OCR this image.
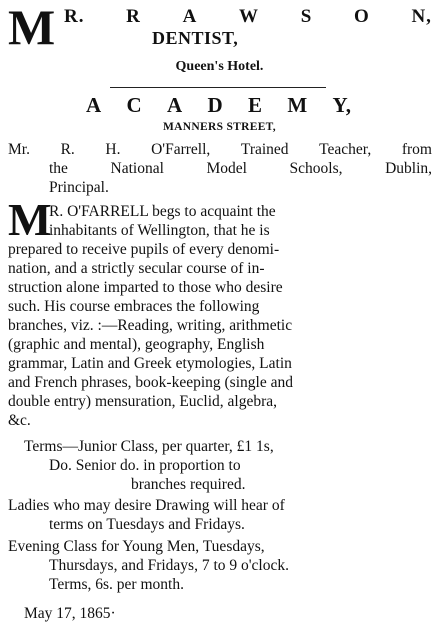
M R. R A W S O N,
DENTIST,
Queen's Hotel.
A C A D E M Y,
MANNERS STREET,
Mr. R. H. O'Farrell, Trained Teacher, from
the	National	Model	Schools,	Dublin,
Principal.
M
R. O'FARRELL begs to acquaint the
inhabitants of Wellington, that he is
prepared to receive pupils of every denomi-
nation, and a strictly secular course of in-
struction alone imparted to those who desire
such. His course embraces the following
branches, viz. :—Reading, writing, arithmetic
(graphic and mental), geography, English
grammar, Latin and Greek etymologies, Latin
and French phrases, book-keeping (single and
double entry) mensuration, Euclid, algebra,
&c.
Terms—Junior Class, per quarter, £1 1s,
Do. Senior do. in proportion to
branches required.
Ladies who may desire Drawing will hear of
terms on Tuesdays and Fridays.
Evening Class for Young Men, Tuesdays,
Thursdays, and Fridays, 7 to 9 o'clock.
Terms, 6s. per month.
May 17, 1865·
